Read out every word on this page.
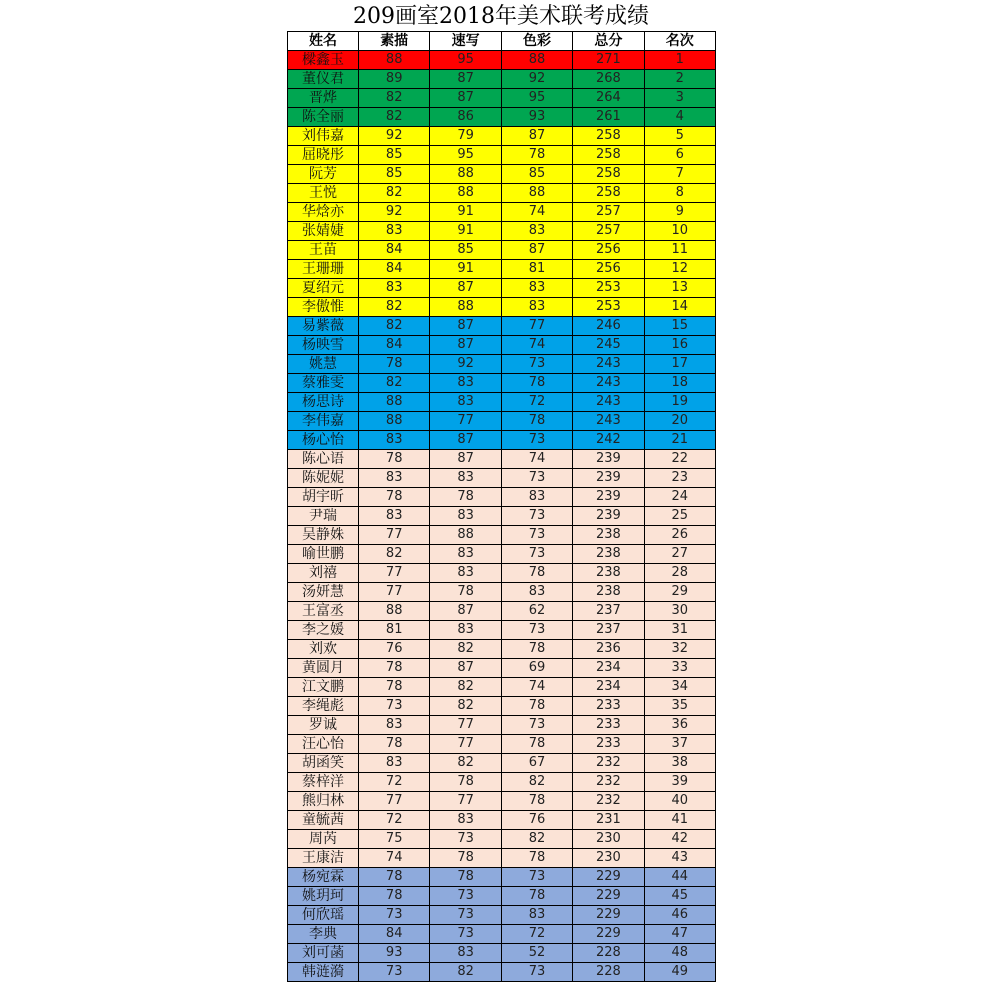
209画室2018年美术联考成绩
姓名	素描	速写	色彩	总分	名次
樑鑫玉	88	95	88	271	1
董仪君	89	87	92	268	2
晋烨	82	87	95	264	3
陈全丽	82	86	93	261	4
刘伟嘉	92	79	87	258	5
屈晓彤	85	95	78	258	6
阮芳	85	88	85	258	7
王悦	82	88	88	258	8
华焓亦	92	91	74	257	9
张婧婕	83	91	83	257	10
王苗	84	85	87	256	11
王珊珊	84	91	81	256	12
夏绍元	83	87	83	253	13
李傲惟	82	88	83	253	14
易紫薇	82	87	77	246	15
杨映雪	84	87	74	245	16
姚慧	78	92	73	243	17
蔡雅雯	82	83	78	243	18
杨思诗	88	83	72	243	19
李伟嘉	88	77	78	243	20
杨心怡	83	87	73	242	21
陈心语	78	87	74	239	22
陈妮妮	83	83	73	239	23
胡宇昕	78	78	83	239	24
尹瑞	83	83	73	239	25
吴静姝	77	88	73	238	26
喻世鹏	82	83	73	238	27
刘禧	77	83	78	238	28
汤妍慧	77	78	83	238	29
王富丞	88	87	62	237	30
李之媛	81	83	73	237	31
刘欢	76	82	78	236	32
黄圆月	78	87	69	234	33
江文鹏	78	82	74	234	34
李绳彪	73	82	78	233	35
罗诚	83	77	73	233	36
汪心怡	78	77	78	233	37
胡函笑	83	82	67	232	38
蔡梓洋	72	78	82	232	39
熊归林	77	77	78	232	40
童毓茜	72	83	76	231	41
周芮	75	73	82	230	42
王康洁	74	78	78	230	43
杨宛霖	78	78	73	229	44
姚玥珂	78	73	78	229	45
何欣瑶	73	73	83	229	46
李典	84	73	72	229	47
刘可菡	93	83	52	228	48
韩涟漪	73	82	73	228	49
